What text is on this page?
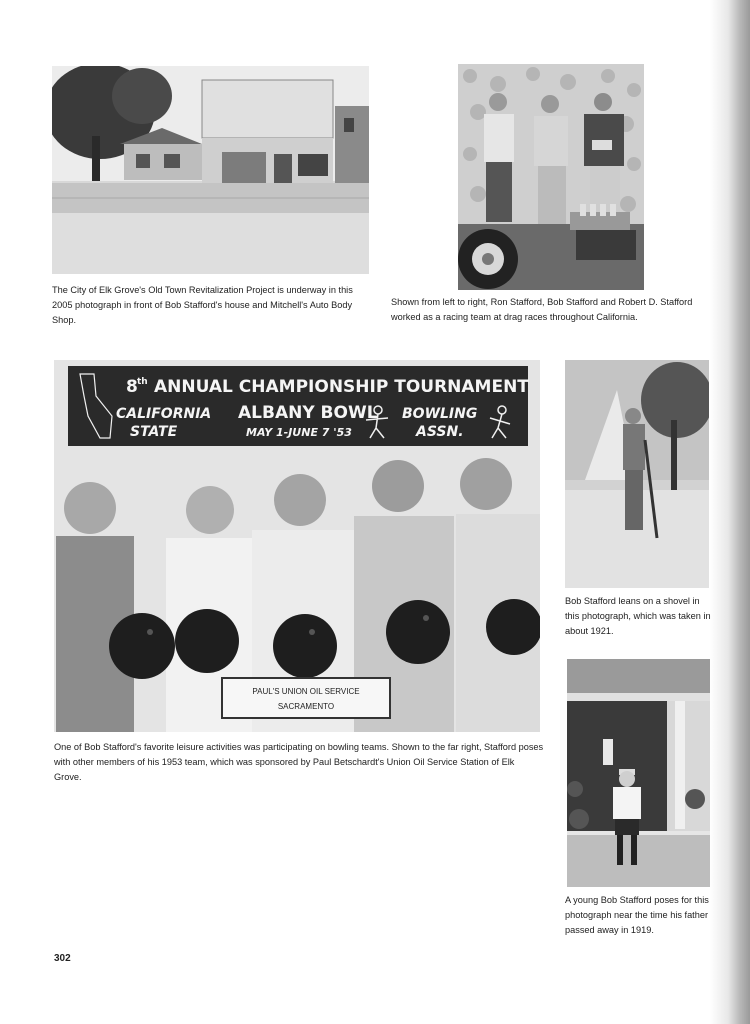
The City of Elk Grove's Old Town Revitalization Project is underway in this 2005 photograph in front of Bob Stafford's house and Mitchell's Auto Body Shop.

Shown from left to right, Ron Stafford, Bob Stafford and Robert D. Stafford worked as a racing team at drag races throughout California.

8 th ANNUAL CHAMPIONSHIP TOURNAMENT
CALIFORNIA
STATE
ALBANY BOWL
MAY 1-JUNE 7 '53
BOWLING
ASSN.
PAUL'S UNION OIL SERVICE
SACRAMENTO

One of Bob Stafford's favorite leisure activities was participating on bowling teams. Shown to the far right, Stafford poses with other members of his 1953 team, which was sponsored by Paul Betschardt's Union Oil Service Station of Elk Grove.

Bob Stafford leans on a shovel in this photograph, which was taken in about 1921.

A young Bob Stafford poses for this photograph near the time his father passed away in 1919.

302
